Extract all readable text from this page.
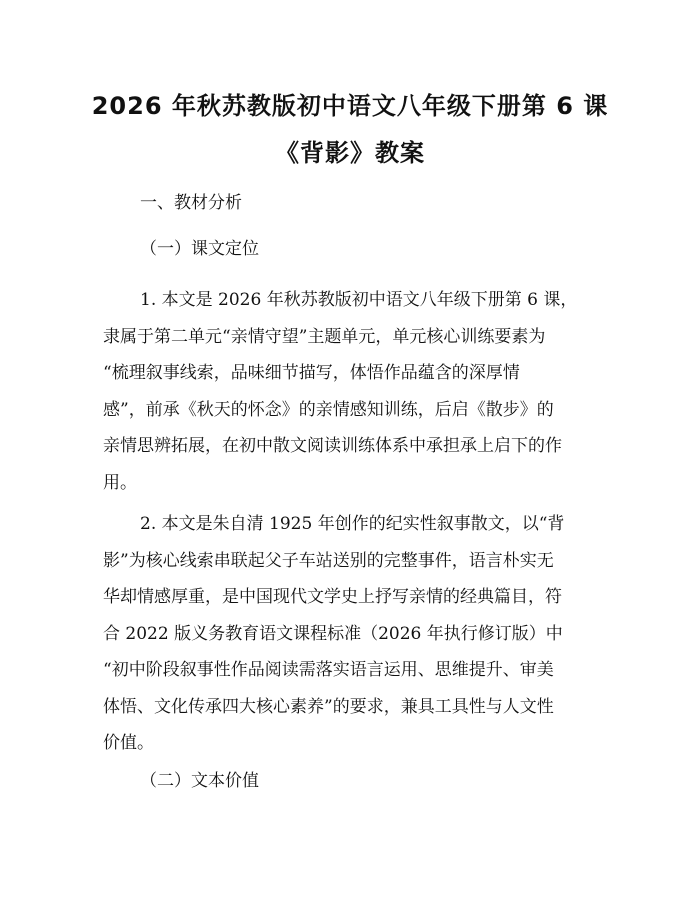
2026 年秋苏教版初中语文八年级下册第 6 课
《背影》教案
一、教材分析
（一）课文定位
1. 本文是 2026 年秋苏教版初中语文八年级下册第 6 课，
隶属于第二单元“亲情守望”主题单元，单元核心训练要素为
“梳理叙事线索，品味细节描写，体悟作品蕴含的深厚情
感”，前承《秋天的怀念》的亲情感知训练，后启《散步》的
亲情思辨拓展，在初中散文阅读训练体系中承担承上启下的作
用。
2. 本文是朱自清 1925 年创作的纪实性叙事散文，以“背
影”为核心线索串联起父子车站送别的完整事件，语言朴实无
华却情感厚重，是中国现代文学史上抒写亲情的经典篇目，符
合 2022 版义务教育语文课程标准（2026 年执行修订版）中
“初中阶段叙事性作品阅读需落实语言运用、思维提升、审美
体悟、文化传承四大核心素养”的要求，兼具工具性与人文性
价值。
（二）文本价值
